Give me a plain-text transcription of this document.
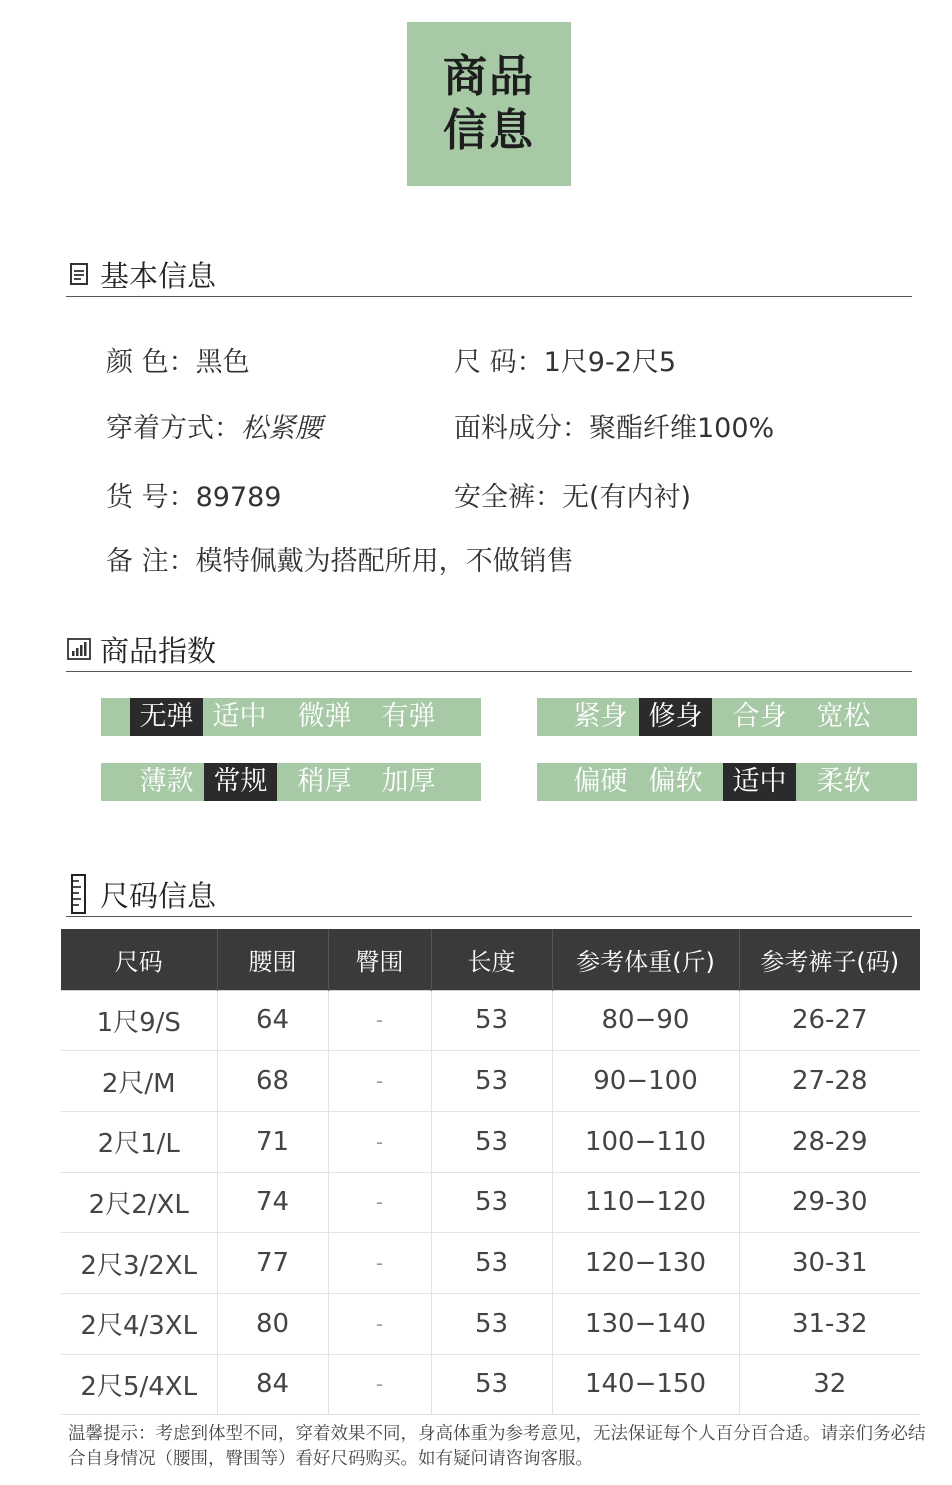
商品
信息
基本信息
颜 色：黑色	尺 码：1尺9-2尺5
穿着方式：松紧腰	面料成分：聚酯纤维100%
货 号：89789	安全裤：无(有内衬)
备 注：模特佩戴为搭配所用，不做销售
商品指数
无弹 适中	微弹	有弹	紧身 修身	合身	宽松
薄款 常规	稍厚	加厚	偏硬 偏软	适中	柔软
尺码信息
尺码	腰围	臀围	长度	参考体重(斤)	参考裤子(码)
1尺9/S	64	-	53	80−90	26-27
2尺/M	68	-	53	90−100	27-28
2尺1/L	71	-	53	100−110	28-29
2尺2/XL	74	-	53	110−120	29-30
2尺3/2XL	77	-	53	120−130	30-31
2尺4/3XL	80	-	53	130−140	31-32
2尺5/4XL	84	-	53	140−150	32
温馨提示：考虑到体型不同，穿着效果不同，身高体重为参考意见，无法保证每个人百分百合适。请亲们务必结合自身情况（腰围，臀围等）看好尺码购买。如有疑问请咨询客服。
